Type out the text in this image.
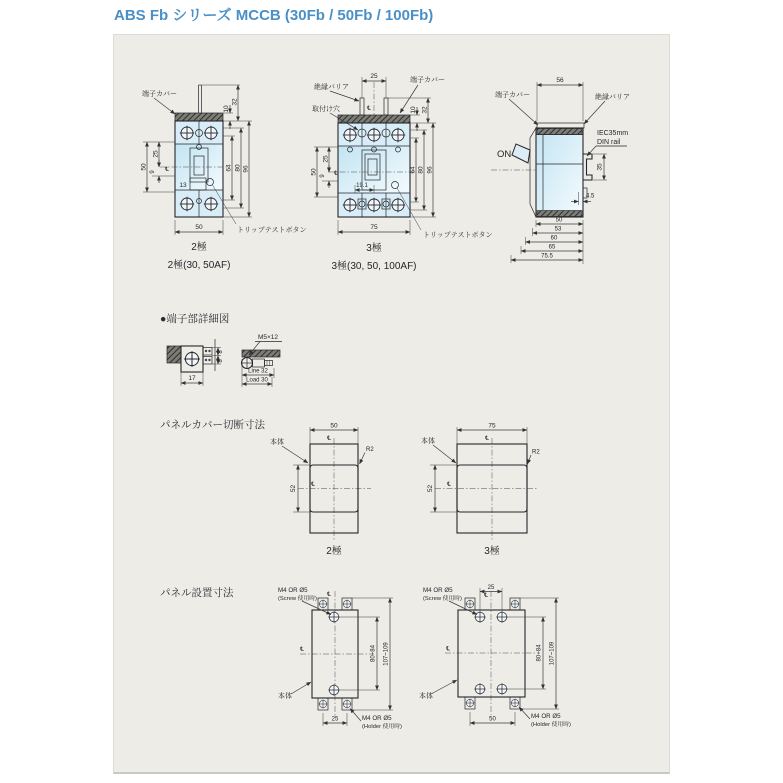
ABS Fb シリーズ MCCB (30Fb / 50Fb / 100Fb)
端子カバー
10
32
64 80 96
50
25
9 ℄
13
トリップテストボタン
50
2極
2極(30, 50AF)
絶縁バリア
取付け穴
端子カバー
25
℄	10 32
50
25
9 ℄
19.1
64 80 96
75
トリップテストボタン
3極
3極(30, 50, 100AF)
端子カバー	絶縁バリア
ON
IEC35mm
DIN rail
56
35
4.5
50
53
60
65
75.5
●端子部詳細図
17
8
8
M5×12
Line 32
Load 30
パネルカバー切断寸法	50
℄
℄
52
本体
R2
2極
75
℄
℄
52
本体
R2
3極
パネル設置寸法	M4 OR Ø5
(Screw 使用時)
M4 OR Ø5
(Holder 使用時)
本体
℄
℄
25
80~84 107~109
M4 OR Ø5
(Screw 使用時)
M4 OR Ø5
(Holder 使用時)
本体
25
℄
℄
50
80~84 107~109
